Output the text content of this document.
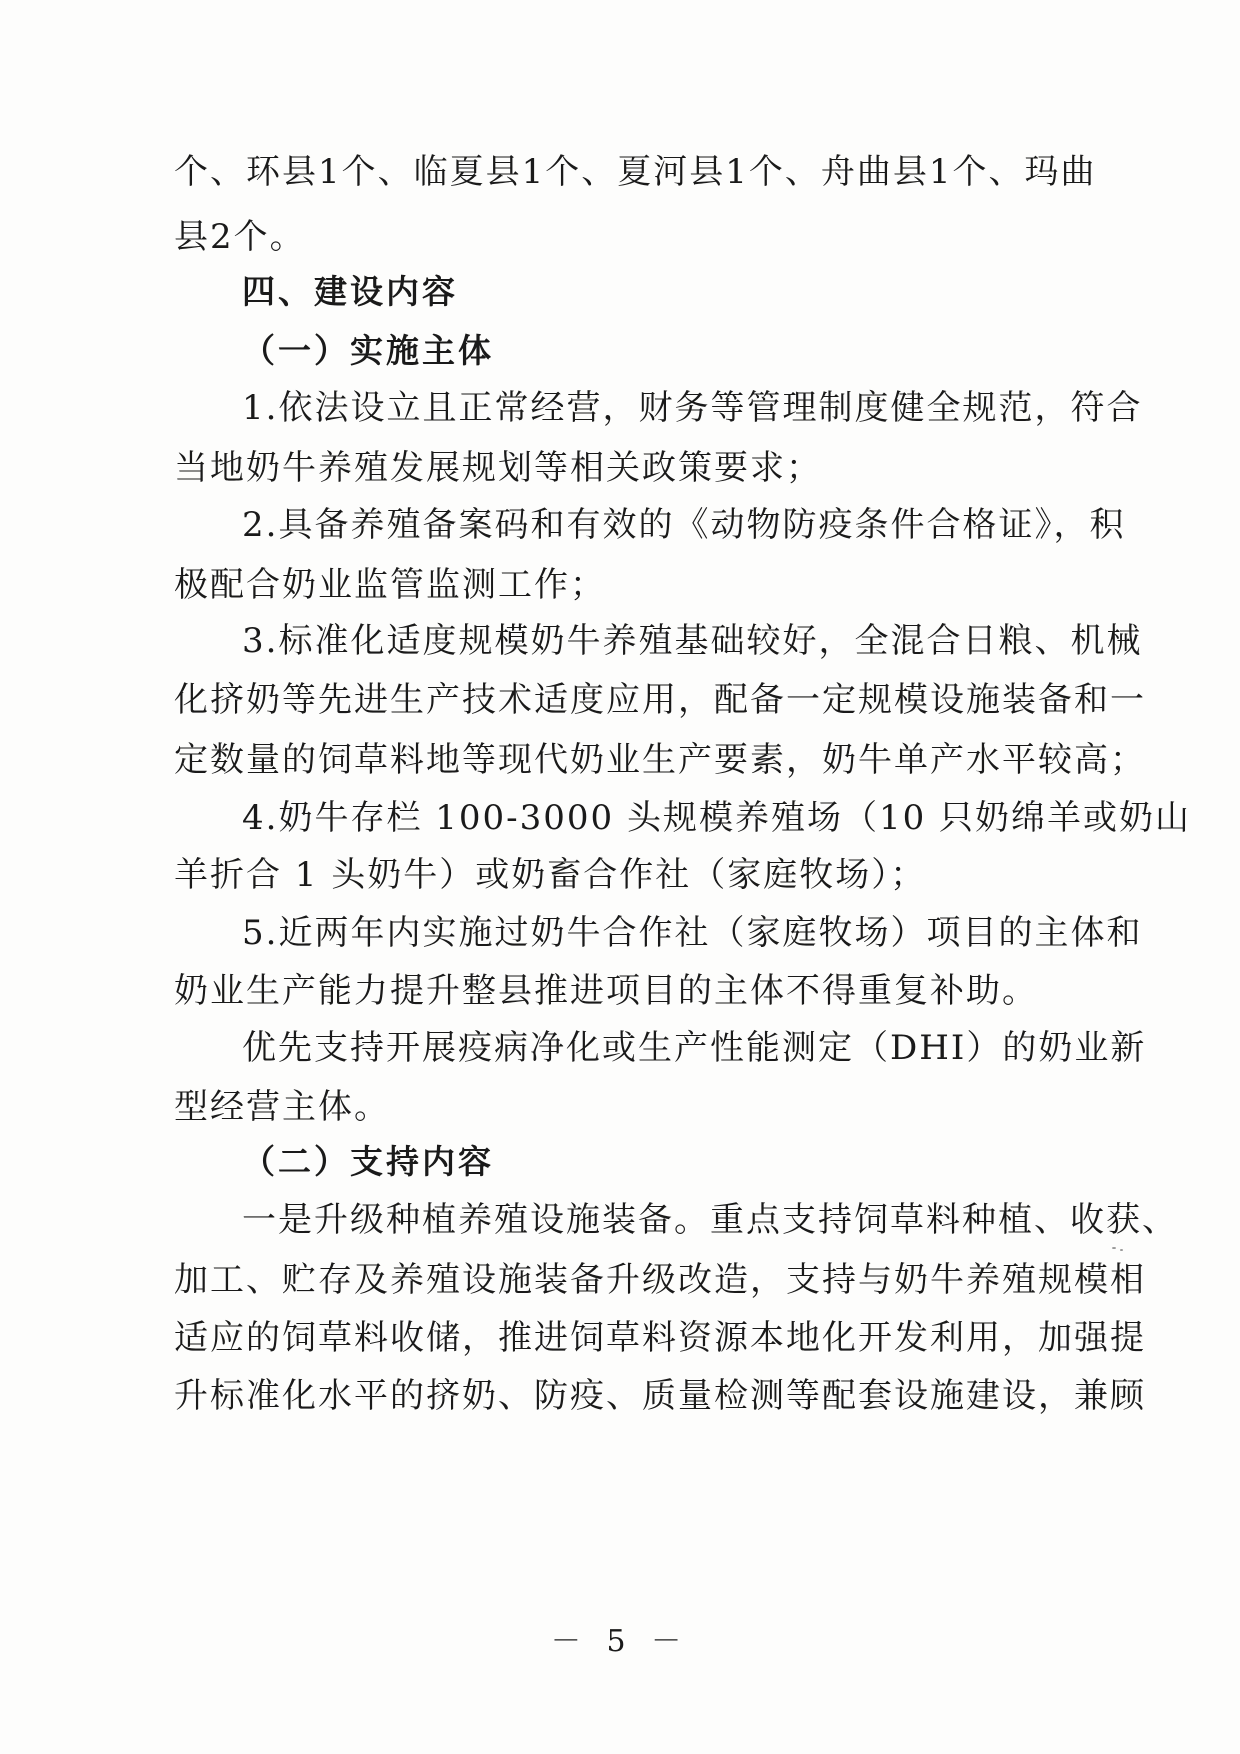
个、环县1个、临夏县1个、夏河县1个、舟曲县1个、玛曲
县2个。
四、建设内容
（一）实施主体
1.依法设立且正常经营，财务等管理制度健全规范，符合
当地奶牛养殖发展规划等相关政策要求；
2.具备养殖备案码和有效的《动物防疫条件合格证》，积
极配合奶业监管监测工作；
3.标准化适度规模奶牛养殖基础较好，全混合日粮、机械
化挤奶等先进生产技术适度应用，配备一定规模设施装备和一
定数量的饲草料地等现代奶业生产要素，奶牛单产水平较高；
4.奶牛存栏 100-3000 头规模养殖场（10 只奶绵羊或奶山
羊折合 1 头奶牛）或奶畜合作社（家庭牧场）；
5.近两年内实施过奶牛合作社（家庭牧场）项目的主体和
奶业生产能力提升整县推进项目的主体不得重复补助。
优先支持开展疫病净化或生产性能测定（DHI）的奶业新
型经营主体。
（二）支持内容
一是升级种植养殖设施装备。重点支持饲草料种植、收获、
加工、贮存及养殖设施装备升级改造，支持与奶牛养殖规模相
适应的饲草料收储，推进饲草料资源本地化开发利用，加强提
升标准化水平的挤奶、防疫、质量检测等配套设施建设，兼顾
－ 5 －
